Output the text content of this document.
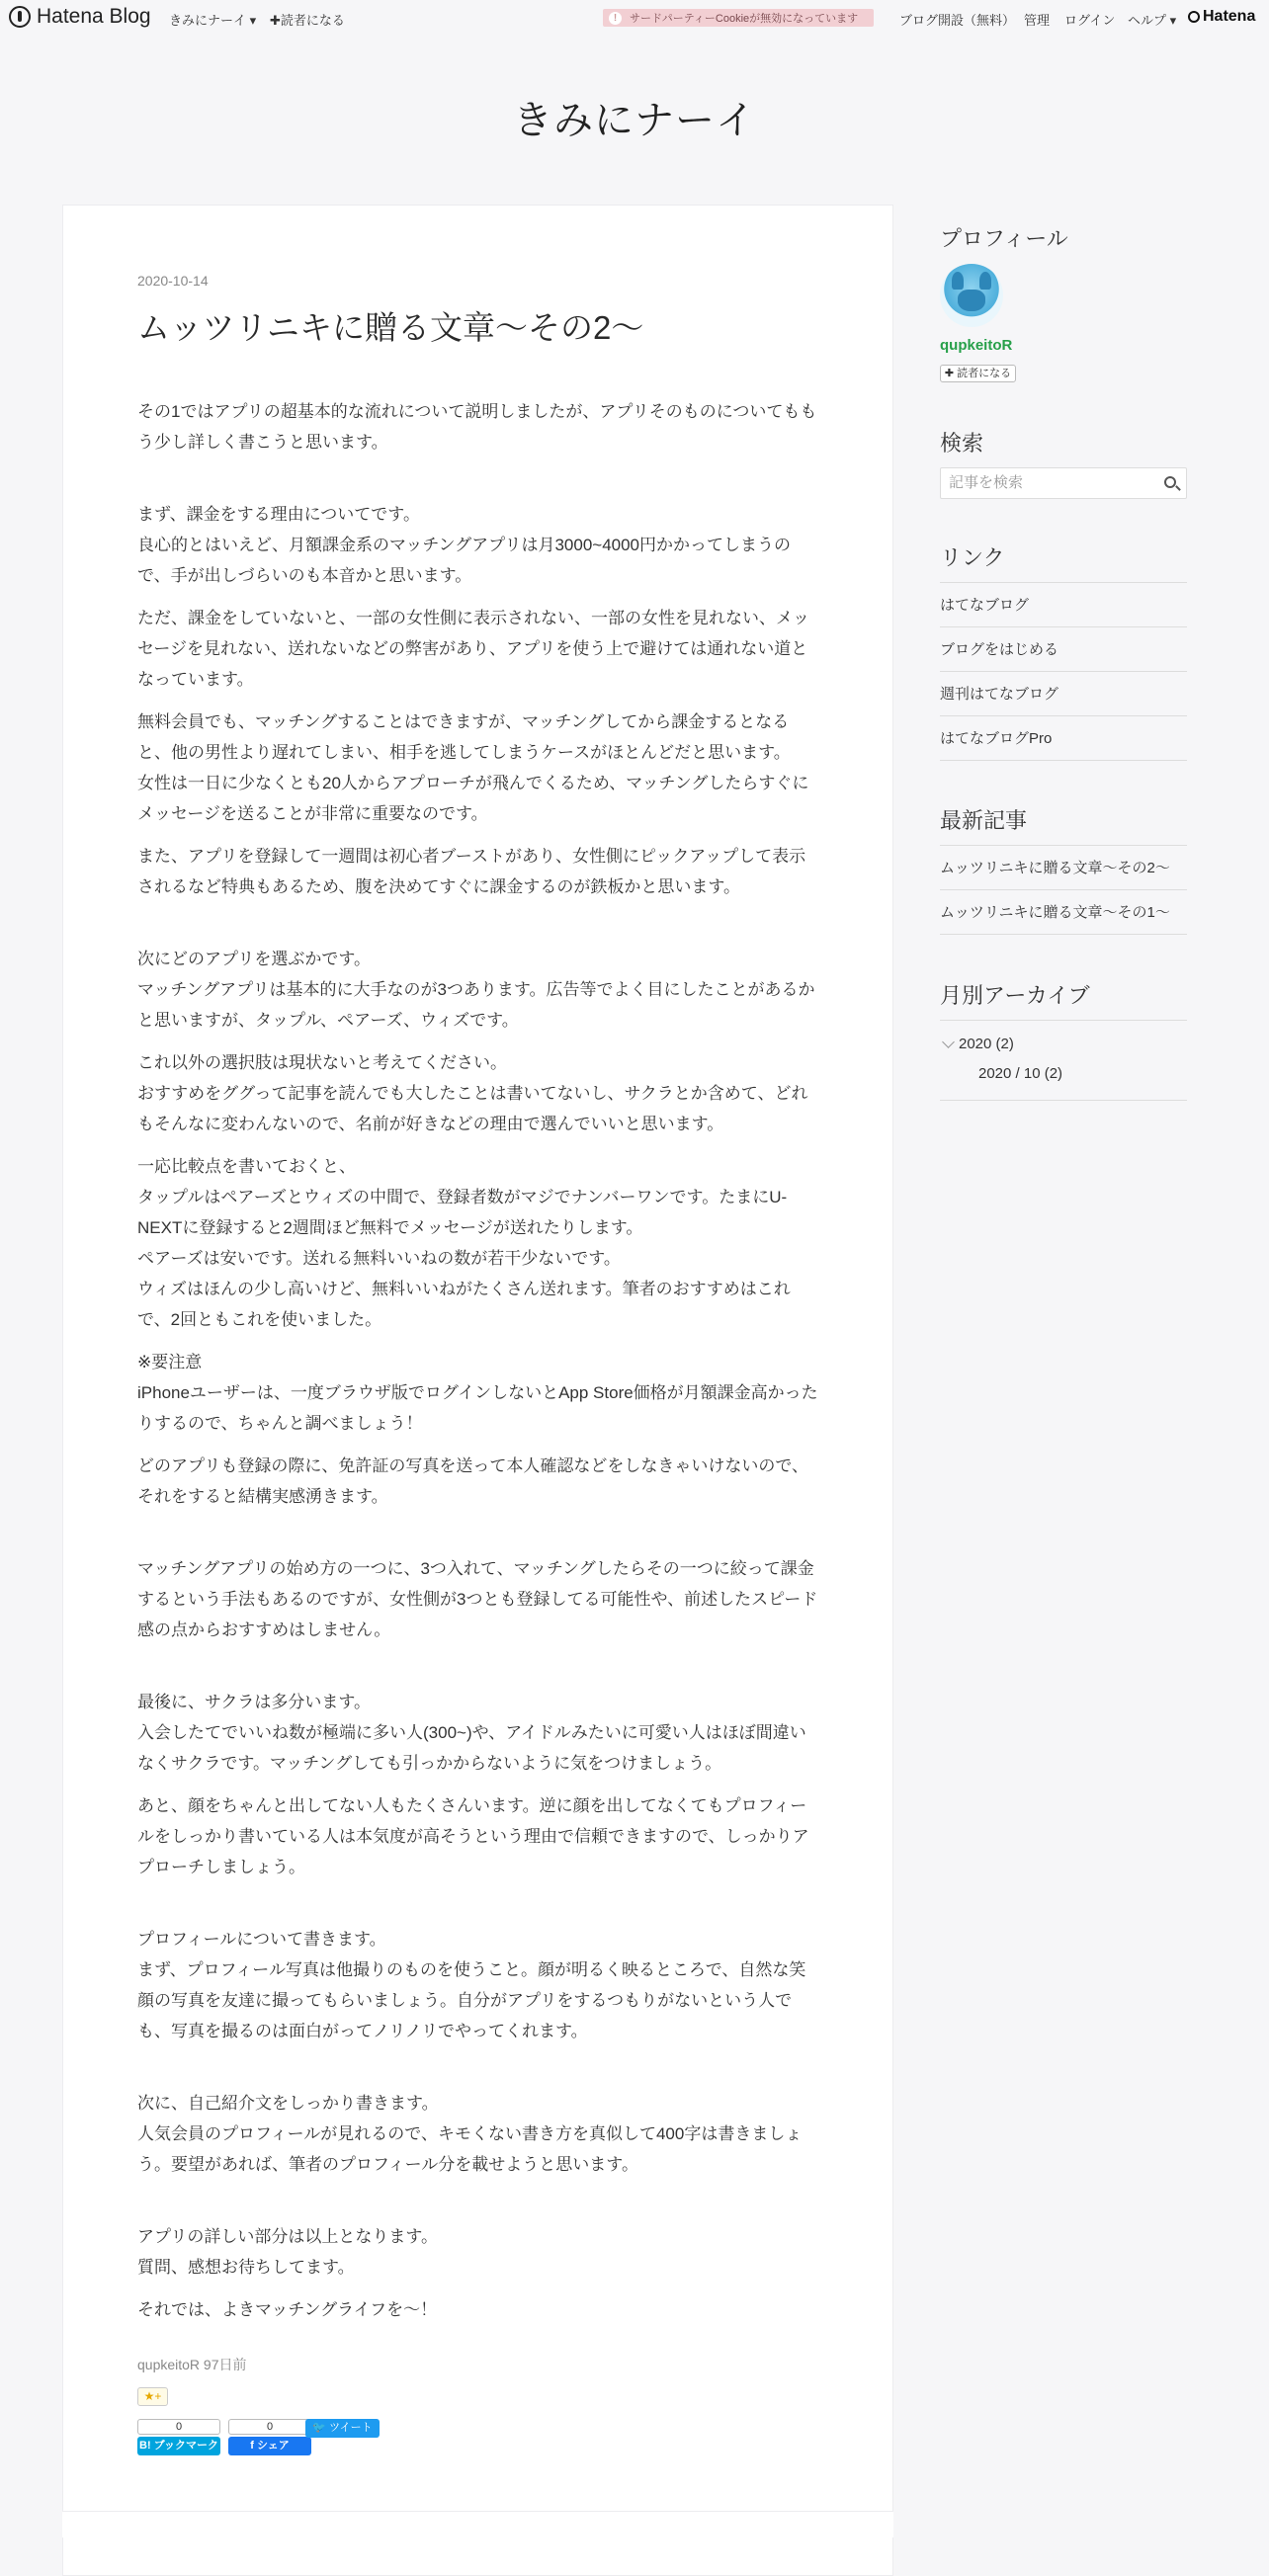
Hatena Blog きみにナーイ ▾ ✚読者になる	!	サードパーティーCookieが無効になっています	ブログ開設（無料） 管理 ログイン ヘルプ ▾ Hatena
きみにナーイ
2020-10-14
ムッツリニキに贈る文章〜その2〜

その1ではアプリの超基本的な流れについて説明しましたが、アプリそのものについてももう少し詳しく書こうと思います。

まず、課金をする理由についてです。
良心的とはいえど、月額課金系のマッチングアプリは月3000~4000円かかってしまうので、手が出しづらいのも本音かと思います。

ただ、課金をしていないと、一部の女性側に表示されない、一部の女性を見れない、メッセージを見れない、送れないなどの弊害があり、アプリを使う上で避けては通れない道となっています。

無料会員でも、マッチングすることはできますが、マッチングしてから課金するとなると、他の男性より遅れてしまい、相手を逃してしまうケースがほとんどだと思います。
女性は一日に少なくとも20人からアプローチが飛んでくるため、マッチングしたらすぐにメッセージを送ることが非常に重要なのです。

また、アプリを登録して一週間は初心者ブーストがあり、女性側にピックアップして表示されるなど特典もあるため、腹を決めてすぐに課金するのが鉄板かと思います。

次にどのアプリを選ぶかです。
マッチングアプリは基本的に大手なのが3つあります。広告等でよく目にしたことがあるかと思いますが、タップル、ペアーズ、ウィズです。

これ以外の選択肢は現状ないと考えてください。
おすすめをググって記事を読んでも大したことは書いてないし、サクラとか含めて、どれもそんなに変わんないので、名前が好きなどの理由で選んでいいと思います。

一応比較点を書いておくと、
タップルはペアーズとウィズの中間で、登録者数がマジでナンバーワンです。たまにU-NEXTに登録すると2週間ほど無料でメッセージが送れたりします。
ペアーズは安いです。送れる無料いいねの数が若干少ないです。
ウィズはほんの少し高いけど、無料いいねがたくさん送れます。筆者のおすすめはこれで、2回ともこれを使いました。

※要注意
iPhoneユーザーは、一度ブラウザ版でログインしないとApp Store価格が月額課金高かったりするので、ちゃんと調べましょう！

どのアプリも登録の際に、免許証の写真を送って本人確認などをしなきゃいけないので、それをすると結構実感湧きます。

マッチングアプリの始め方の一つに、3つ入れて、マッチングしたらその一つに絞って課金するという手法もあるのですが、女性側が3つとも登録してる可能性や、前述したスピード感の点からおすすめはしません。

最後に、サクラは多分います。
入会したてでいいね数が極端に多い人(300~)や、アイドルみたいに可愛い人はほぼ間違いなくサクラです。マッチングしても引っかからないように気をつけましょう。

あと、顔をちゃんと出してない人もたくさんいます。逆に顔を出してなくてもプロフィールをしっかり書いている人は本気度が高そうという理由で信頼できますので、しっかりアプローチしましょう。

プロフィールについて書きます。
まず、プロフィール写真は他撮りのものを使うこと。顔が明るく映るところで、自然な笑顔の写真を友達に撮ってもらいましょう。自分がアプリをするつもりがないという人でも、写真を撮るのは面白がってノリノリでやってくれます。

次に、自己紹介文をしっかり書きます。
人気会員のプロフィールが見れるので、キモくない書き方を真似して400字は書きましょう。要望があれば、筆者のプロフィール分を載せようと思います。

アプリの詳しい部分は以上となります。
質問、感想お待ちしてます。

それでは、よきマッチングライフを〜！

qupkeitoR 97日前
★+
0
B! ブックマーク
0
f シェア
🐦 ツイート
プロフィール
qupkeitoR
✚ 読者になる
検索
記事を検索
リンク
はてなブログ
ブログをはじめる
週刊はてなブログ
はてなブログPro
最新記事
ムッツリニキに贈る文章〜その2〜
ムッツリニキに贈る文章〜その1〜
月別アーカイブ
2020 (2)
2020 / 10 (2)
